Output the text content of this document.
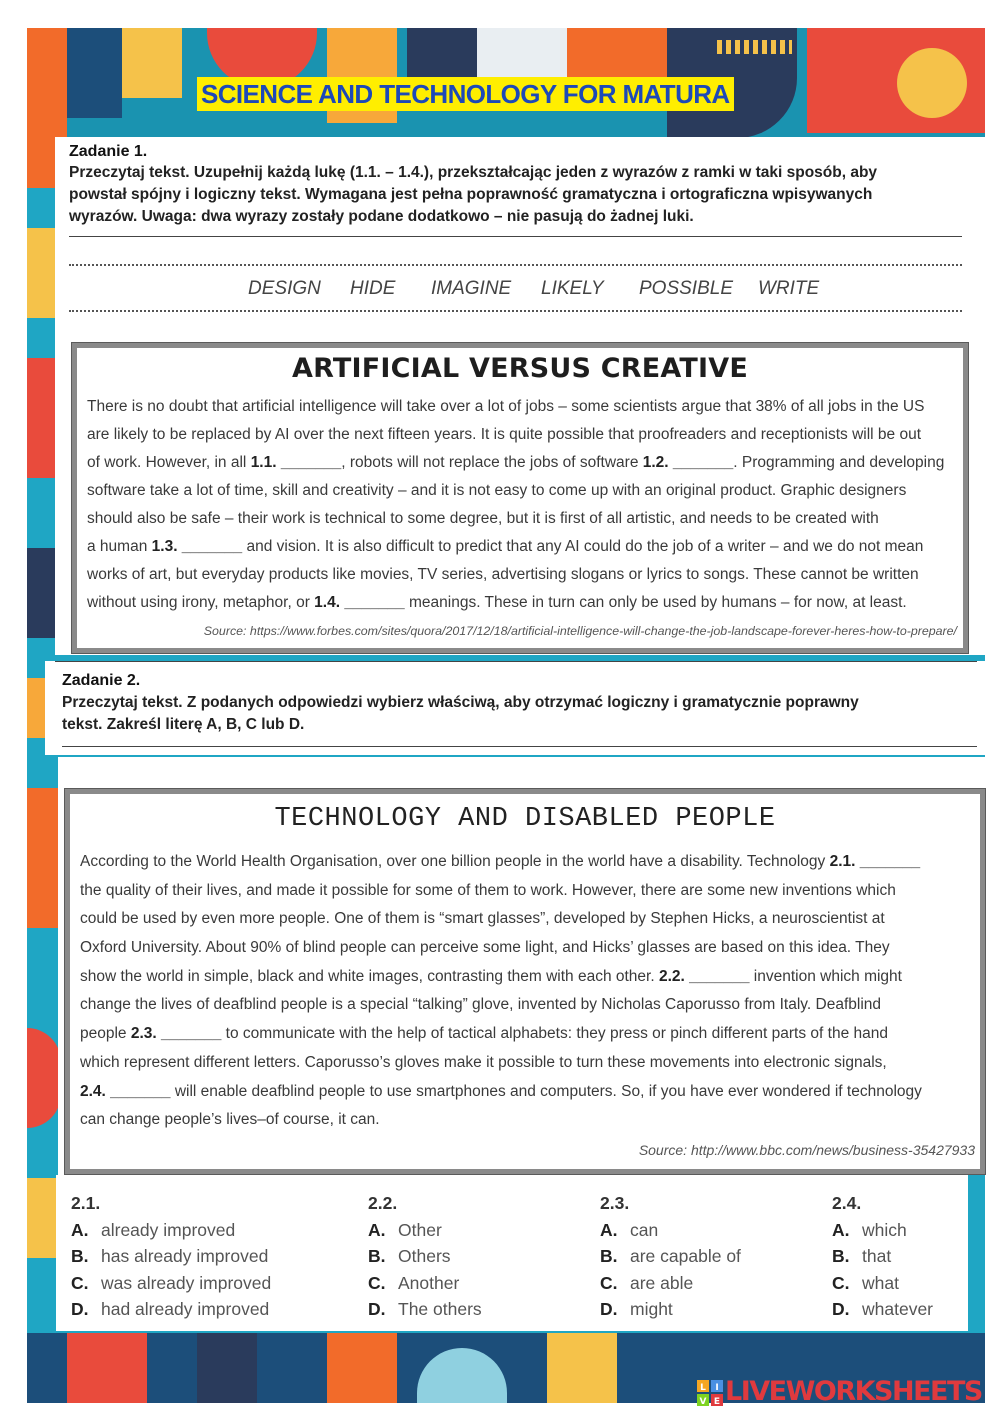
SCIENCE AND TECHNOLOGY FOR MATURA
Zadanie 1.
Przeczytaj tekst. Uzupełnij każdą lukę (1.1. – 1.4.), przekształcając jeden z wyrazów z ramki w taki sposób, aby
powstał spójny i logiczny tekst. Wymagana jest pełna poprawność gramatyczna i ortograficzna wpisywanych
wyrazów. Uwaga: dwa wyrazy zostały podane dodatkowo – nie pasują do żadnej luki.
DESIGN HIDE IMAGINE LIKELY POSSIBLE WRITE
ARTIFICIAL VERSUS CREATIVE
There is no doubt that artificial intelligence will take over a lot of jobs – some scientists argue that 38% of all jobs in the US
are likely to be replaced by AI over the next fifteen years. It is quite possible that proofreaders and receptionists will be out
of work. However, in all 1.1. _______, robots will not replace the jobs of software 1.2. _______. Programming and developing
software take a lot of time, skill and creativity – and it is not easy to come up with an original product. Graphic designers
should also be safe – their work is technical to some degree, but it is first of all artistic, and needs to be created with
a human 1.3. _______ and vision. It is also difficult to predict that any AI could do the job of a writer – and we do not mean
works of art, but everyday products like movies, TV series, advertising slogans or lyrics to songs. These cannot be written
without using irony, metaphor, or 1.4. _______ meanings. These in turn can only be used by humans – for now, at least.
Source: https://www.forbes.com/sites/quora/2017/12/18/artificial-intelligence-will-change-the-job-landscape-forever-heres-how-to-prepare/
Zadanie 2.
Przeczytaj tekst. Z podanych odpowiedzi wybierz właściwą, aby otrzymać logiczny i gramatycznie poprawny
tekst. Zakreśl literę A, B, C lub D.
TECHNOLOGY AND DISABLED PEOPLE
According to the World Health Organisation, over one billion people in the world have a disability. Technology 2.1. _______
the quality of their lives, and made it possible for some of them to work. However, there are some new inventions which
could be used by even more people. One of them is “smart glasses”, developed by Stephen Hicks, a neuroscientist at
Oxford University. About 90% of blind people can perceive some light, and Hicks’ glasses are based on this idea. They
show the world in simple, black and white images, contrasting them with each other. 2.2. _______ invention which might
change the lives of deafblind people is a special “talking” glove, invented by Nicholas Caporusso from Italy. Deafblind
people 2.3. _______ to communicate with the help of tactical alphabets: they press or pinch different parts of the hand
which represent different letters. Caporusso’s gloves make it possible to turn these movements into electronic signals,
2.4. _______ will enable deafblind people to use smartphones and computers. So, if you have ever wondered if technology
can change people’s lives–of course, it can.
Source: http://www.bbc.com/news/business-35427933
2.1.
A. already improved
B. has already improved
C. was already improved
D. had already improved
2.2.
A. Other
B. Others
C. Another
D. The others
2.3.
A. can
B. are capable of
C. are able
D. might
2.4.
A. which
B. that
C. what
D. whatever
L I
V E LIVEWORKSHEETS
